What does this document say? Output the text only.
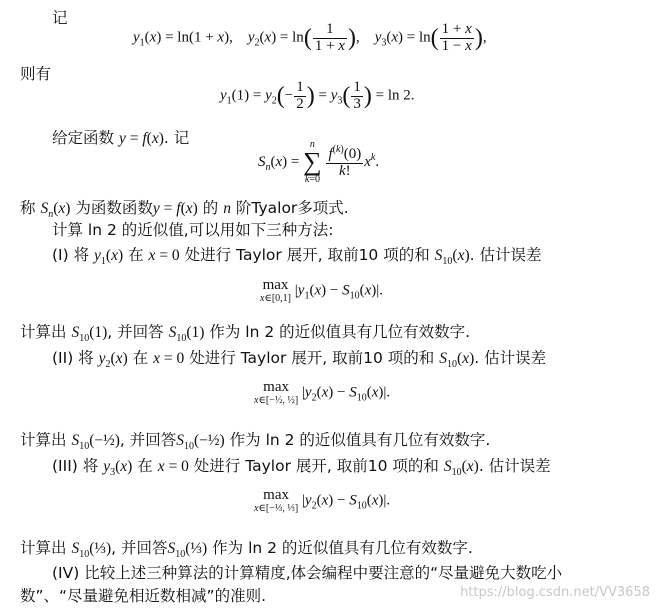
记
$y_1(x) = \ln(1 + x)$,    $y_2(x) = \ln( \frac{1}{1 + x}$ ),    $y_3(x) = \ln( \frac{1 + x}{1 - x}$ ),
则有
$y_1(1) = y_2(- \frac{1}{2}$ ) = $y_3( \frac{1}{3}$ ) = ln 2.
给定函数 y = f(x). 记
$S_n(x)$ =
n
∑
k=0
$\frac{f^{(k)}(0)}{k!} x^k$.
称 $S_n(x)$ 为函数函数y = f(x) 的 n 阶Tyalor多项式.
计算 ln 2 的近似值,可以用如下三种方法:
(I) 将 $y_1(x)$ 在 x = 0 处进行 Taylor 展开, 取前10 项的和 $S_{10}(x)$. 估计误差
max
x∈[0,1] $|y_1(x) - S_{10}(x)|$.
计算出 $S_{10}(1)$, 并回答 $S_{10}(1)$ 作为 ln 2 的近似值具有几位有效数字.
(II) 将 $y_2(x)$ 在 x = 0 处进行 Taylor 展开, 取前10 项的和 $S_{10}(x)$. 估计误差
max
x∈[−½, ½] $|y_2(x) - S_{10}(x)|$.
计算出 $S_{10}(-\frac{1}{2})$, 并回答$S_{10}(-\frac{1}{2})$ 作为 ln 2 的近似值具有几位有效数字.
(III) 将 $y_3(x)$ 在 x = 0 处进行 Taylor 展开, 取前10 项的和 $S_{10}(x)$. 估计误差
max
x∈[−⅓, ⅓] $|y_2(x) - S_{10}(x)|$.
计算出 $S_{10}(\frac{1}{3})$, 并回答$S_{10}(\frac{1}{3})$ 作为 ln 2 的近似值具有几位有效数字.
(IV) 比较上述三种算法的计算精度,体会编程中要注意的“尽量避免大数吃小
数”、“尽量避免相近数相减”的准则.	https://blog.csdn.net/VV3658
